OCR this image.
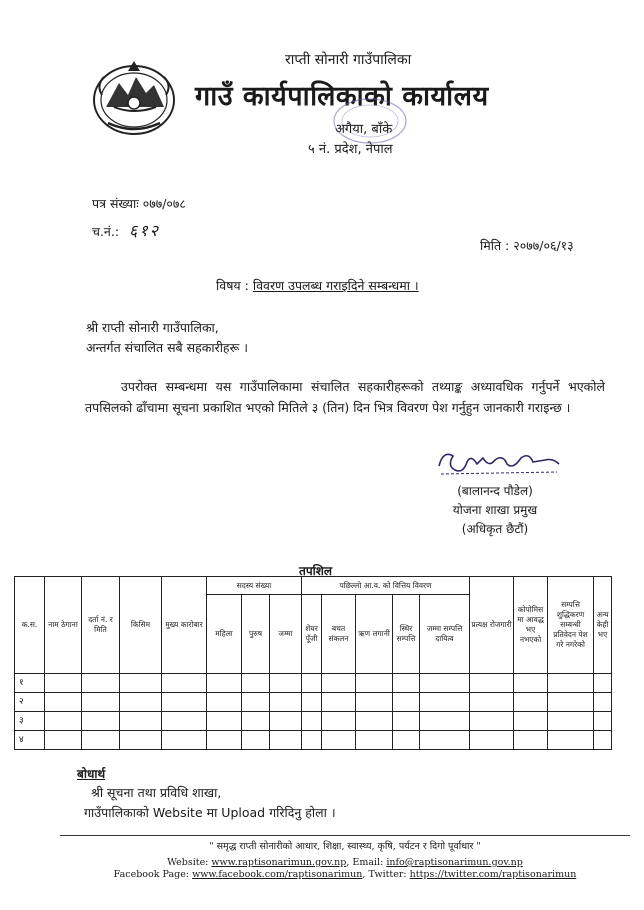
राप्ती सोनारी गाउँपालिका
गाउँ कार्यपालिकाको कार्यालय
अगैया, बाँके
५ नं. प्रदेश, नेपाल
पत्र संख्याः ०७७/०७८
च.नं.: ६१२
मिति : २०७७/०६/१३
विषय : विवरण उपलब्ध गराइदिने सम्बन्धमा ।
श्री राप्ती सोनारी गाउँपालिका,
अन्तर्गत संचालित सबै सहकारीहरू ।
उपरोक्त सम्बन्धमा यस गाउँपालिकामा संचालित सहकारीहरूको तथ्याङ्क अध्यावधिक गर्नुपर्ने भएकोले तपसिलको ढाँचामा सूचना प्रकाशित भएको मितिले ३ (तिन) दिन भित्र विवरण पेश गर्नुहुन जानकारी गराइन्छ ।
(बालानन्द पौडेल)
योजना शाखा प्रमुख
(अधिकृत छैटौं)
तपशिल
क.स.	नाम ठेगाना	दर्ता नं. र मिति	किसिम	मुख्य कारोबार	सदस्य संख्या			पछिल्लो आ.व. को वित्तिय विवरण					प्रत्यक्ष रोजगारी	कोपोमिस मा आवद्ध भए नभएको	सम्पत्ति शुद्धिकरण सम्बन्धी प्रतिवेदन पेश गरे नगरेको	अन्य केही भए
					महिला	पुरुष	जम्मा	शेयर पूँजी	बचत संकलन	ऋण लगानी	स्थिर सम्पत्ति	जम्मा सम्पत्ति दायित्व				
१																
२																
३																
४																
बोधार्थ
श्री सूचना तथा प्रविधि शाखा,
गाउँपालिकाको Website मा Upload गरिदिनु होला ।
" समृद्ध राप्ती सोनारीको आधार, शिक्षा, स्वास्थ्य, कृषि, पर्यटन र दिगो पूर्वाधार "
Website: www.raptisonarimun.gov.np, Email: info@raptisonarimun.gov.np
Facebook Page: www.facebook.com/raptisonarimun, Twitter: https://twitter.com/raptisonarimun
